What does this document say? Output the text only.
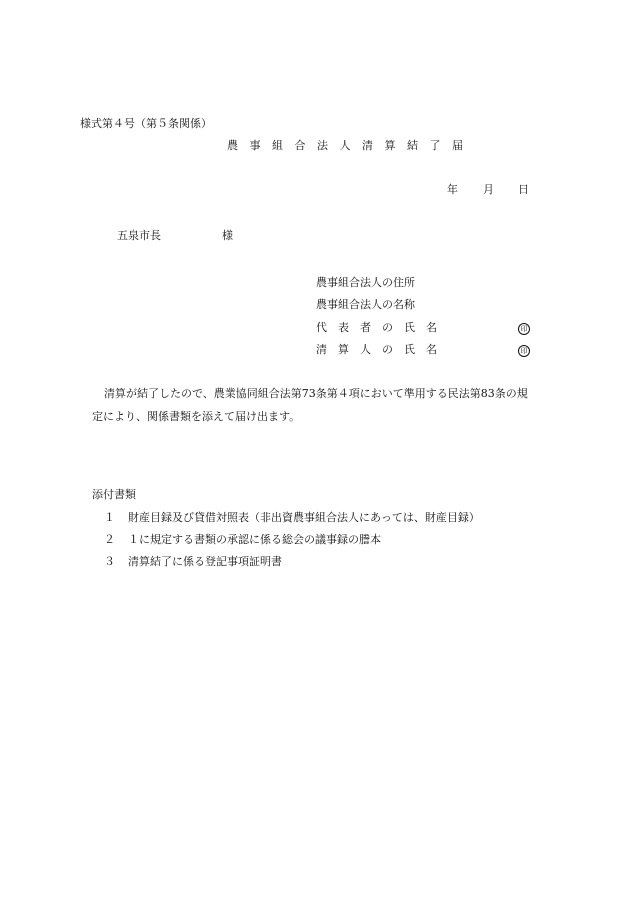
様式第４号（第５条関係）
農 事 組 合 法 人 清 算 結 了 届
年 月 日
五泉市長	様
農事組合法人の住所
農事組合法人の名称
代　表　者　の　氏　名	印
清　算　人　の　氏　名	印
清算が結了したので、農業協同組合法第73条第４項において準用する民法第83条の規
定により、関係書類を添えて届け出ます。
添付書類
１ 財産目録及び貸借対照表（非出資農事組合法人にあっては、財産目録）
２ １に規定する書類の承認に係る総会の議事録の謄本
３ 清算結了に係る登記事項証明書
